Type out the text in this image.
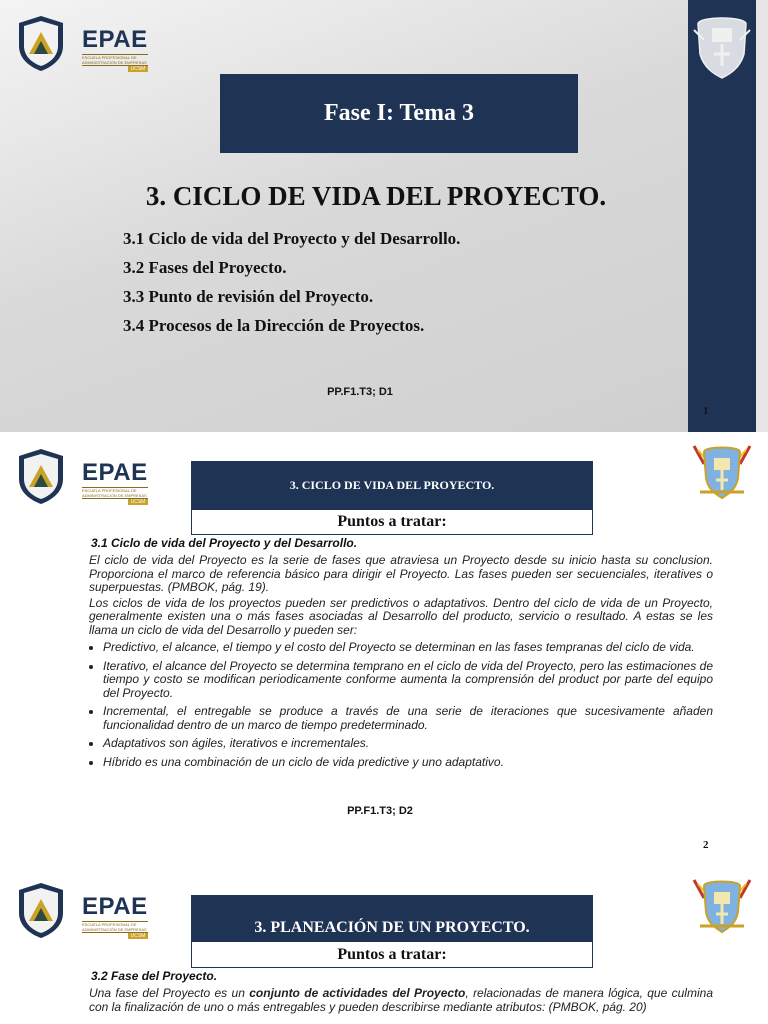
EPAE
ESCUELA PROFESIONAL DE ADMINISTRACIÓN DE EMPRESAS
UCSM
Fase I: Tema 3
3. CICLO DE VIDA DEL PROYECTO.
3.1 Ciclo de vida del Proyecto y del Desarrollo.
3.2 Fases del Proyecto.
3.3 Punto de revisión del Proyecto.
3.4 Procesos de la Dirección de Proyectos.
PP.F1.T3; D1
1
EPAE
ESCUELA PROFESIONAL DE ADMINISTRACIÓN DE EMPRESAS
UCSM
3. CICLO DE VIDA DEL PROYECTO.
Puntos a tratar:
3.1 Ciclo de vida del Proyecto y del Desarrollo.

El ciclo de vida del Proyecto es la serie de fases que atraviesa un Proyecto desde su inicio hasta su conclusion. Proporciona el marco de referencia básico para dirigir el Proyecto. Las fases pueden ser secuenciales, iteratives o superpuestas. (PMBOK, pág. 19).

Los ciclos de vida de los proyectos pueden ser predictivos o adaptativos. Dentro del ciclo de vida de un Proyecto, generalmente existen una o más fases asociadas al Desarrollo del producto, servicio o resultado. A estas se les llama un ciclo de vida del Desarrollo y pueden ser:

• Predictivo, el alcance, el tiempo y el costo del Proyecto se determinan en las fases tempranas del ciclo de vida.
• Iterativo, el alcance del Proyecto se determina temprano en el ciclo de vida del Proyecto, pero las estimaciones de tiempo y costo se modifican periodicamente conforme aumenta la comprensión del product por parte del equipo del Proyecto.
• Incremental, el entregable se produce a través de una serie de iteraciones que sucesivamente añaden funcionalidad dentro de un marco de tiempo predeterminado.
• Adaptativos son ágiles, iterativos e incrementales.
• Híbrido es una combinación de un ciclo de vida predictive y uno adaptativo.
PP.F1.T3; D2
2
EPAE
ESCUELA PROFESIONAL DE ADMINISTRACIÓN DE EMPRESAS
UCSM	3. PLANEACIÓN DE UN PROYECTO.
Puntos a tratar:
3.2 Fase del Proyecto.
Una fase del Proyecto es un conjunto de actividades del Proyecto, relacionadas de manera lógica, que culmina con la finalización de uno o más entregables y pueden describirse mediante atributos: (PMBOK, pág. 20)
